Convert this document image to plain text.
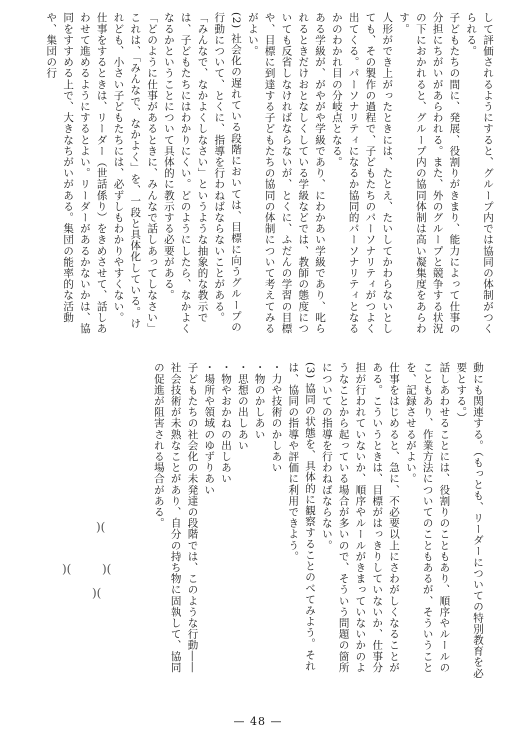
して評価されるようにすると、グループ内では協同の体制がつくられる。

子どもたちの間に、発展、役割りがきまり、能力によって仕事の分担にちがいがあらわれる。また、外のグループと競争する状況の下におかれると、グループ内の協同体制は高い凝集度をあらわす。

人形ができ上がったときには、たとえ、たいしてかわらないとしても、その製作の過程で、子どもたちのパーソナリティがつよく出てくる。パーソナリティになるか協同的パーソナリティとなるかのわかれ目の分岐点となる。

ある学級が、がやがや学級であり、にわかあい学級であり、叱られるときだけおとなしくしている学級などでは、教師の態度についても反省しなければならないが、とくに、ふだんの学習の目標や、目標に到達する子どもたちの協同の体制について考えてみるがよい。

(2) 社会化の遅れている段階においては、目標に向うグループの行動について、とくに、指導を行わねばならないことがある。「みんなで、なかよくしなさい」というような抽象的な教示では、子どもたちにはわかりにくい。どのようにしたら、なかよくなるかということについて具体的に教示する必要がある。

「どのように仕事があるときに、みんなで話しあってしなさい」これは、「みんなで、なかよく」を、一段と具体化している。けれども、小さい子どもたちには、必ずしもわかりやすくない。

仕事をするときは、リーダー（世話係り）をきめさせて、話しあわせて進めるようにするとよい。リーダーがあるかないかは、協同をすすめる上で、大きなちがいがある。集団の能率的な活動や、集団の行

動にも関連する。（もっとも、リーダーについての特別教育を必要とする。）

話しあわせることには、役割りのこともあり、順序やルールのこともあり、作業方法についてのこともあるが、そういうことを、記録させるがよい。

仕事をはじめると、急に、不必要以上にさわがしくなることがある。こういうときは、目標がはっきりしていないか、仕事分担が行われていないか、順序やルールがきまっていないかのようなことから起っている場合が多いので、そういう問題の箇所についての指導を行わねばならない。

(3) 協同の状態を、具体的に観察することのべてみよう。それは、協同の指導や評価に利用できよう。

・力や技術のかしあい

・物のかしあい

・思想の出しあい

・物やおかねの出しあい

・場所や領域のゆずりあい

子どもたちの社会化の未発達の段階では、このような行動――社会技術が未熟なことがあり、自分の持ち物に固執して、協同の促進が阻害される場合がある。

)(
)(	)(
)(
— 48 —
